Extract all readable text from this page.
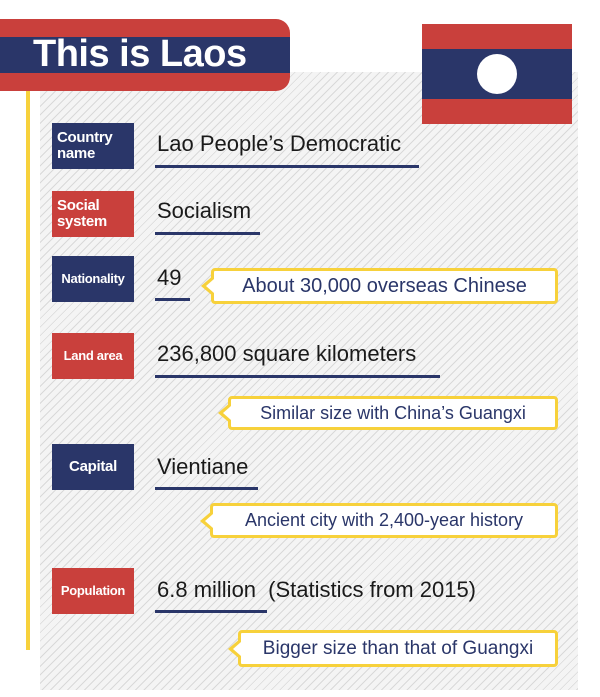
This is Laos
Country name	Lao People’s Democratic
Social system	Socialism
Nationality 49	About 30,000 overseas Chinese
Land area 236,800 square kilometers
Similar size with China’s Guangxi
Capital Vientiane
Ancient city with 2,400-year history
Population 6.8 million (Statistics from 2015)
Bigger size than that of Guangxi
